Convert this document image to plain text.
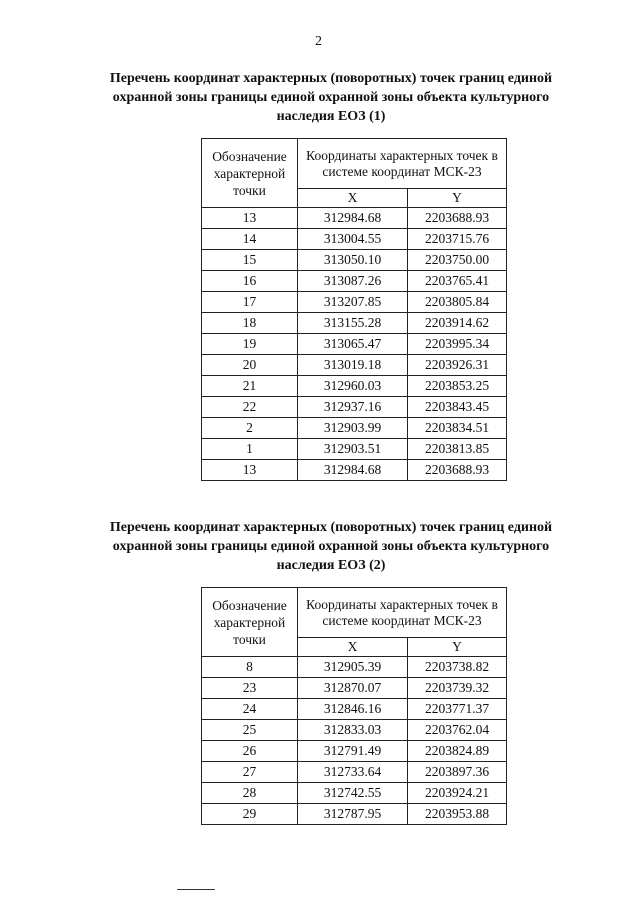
2
Перечень координат характерных (поворотных) точек границ единой охранной зоны границы единой охранной зоны объекта культурного наследия ЕОЗ (1)
Обозначение характерной точки	Координаты характерных точек в системе координат МСК-23	
	X	Y
13	312984.68	2203688.93
14	313004.55	2203715.76
15	313050.10	2203750.00
16	313087.26	2203765.41
17	313207.85	2203805.84
18	313155.28	2203914.62
19	313065.47	2203995.34
20	313019.18	2203926.31
21	312960.03	2203853.25
22	312937.16	2203843.45
2	312903.99	2203834.51
1	312903.51	2203813.85
13	312984.68	2203688.93
Перечень координат характерных (поворотных) точек границ единой охранной зоны границы единой охранной зоны объекта культурного наследия ЕОЗ (2)
Обозначение характерной точки	Координаты характерных точек в системе координат МСК-23	
	X	Y
8	312905.39	2203738.82
23	312870.07	2203739.32
24	312846.16	2203771.37
25	312833.03	2203762.04
26	312791.49	2203824.89
27	312733.64	2203897.36
28	312742.55	2203924.21
29	312787.95	2203953.88
